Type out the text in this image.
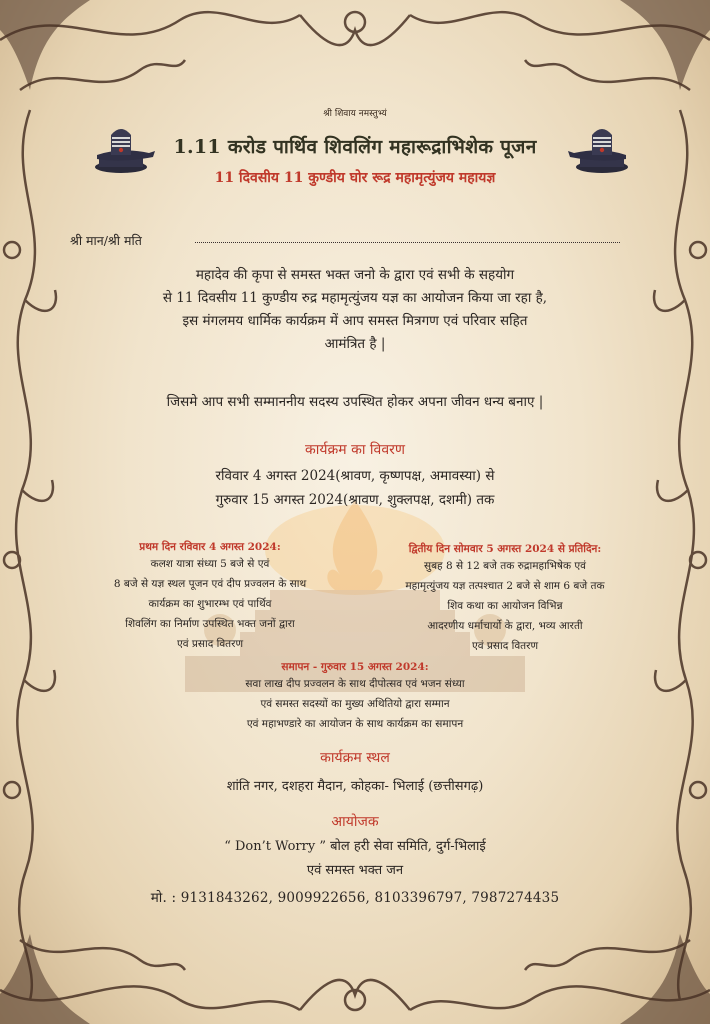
श्री शिवाय नमस्तुभ्यं
1.11 करोड पार्थिव शिवलिंग महारूद्राभिशेक पूजन
11 दिवसीय 11 कुण्डीय घोर रूद्र महामृत्युंजय महायज्ञ
श्री मान/श्री मति
महादेव की कृपा से समस्त भक्त जनो के द्वारा एवं सभी के सहयोग
से 11 दिवसीय 11 कुण्डीय रुद्र महामृत्युंजय यज्ञ का आयोजन किया जा रहा है,
इस मंगलमय धार्मिक कार्यक्रम में आप समस्त मित्रगण एवं परिवार सहित
आमंत्रित है |
जिसमे आप सभी सम्माननीय सदस्य उपस्थित होकर अपना जीवन धन्य बनाए |
कार्यक्रम का विवरण
रविवार 4 अगस्त 2024(श्रावण, कृष्णपक्ष, अमावस्या) से
गुरुवार 15 अगस्त 2024(श्रावण, शुक्लपक्ष, दशमी) तक
प्रथम दिन रविवार 4 अगस्त 2024:
कलश यात्रा संध्या 5 बजे से एवं
8 बजे से यज्ञ स्थल पूजन एवं दीप प्रज्वलन के साथ
कार्यक्रम का शुभारम्भ एवं पार्थिव
शिवलिंग का निर्माण उपस्थित भक्त जनों द्वारा
एवं प्रसाद वितरण
द्वितीय दिन सोमवार 5 अगस्त 2024 से प्रतिदिन:
सुबह 8 से 12 बजे तक रुद्रामहाभिषेक एवं
महामृत्युंजय यज्ञ तत्पश्चात 2 बजे से शाम 6 बजे तक
शिव कथा का आयोजन विभिन्न
आदरणीय धर्माचार्यो के द्वारा, भव्य आरती
एवं प्रसाद वितरण
समापन - गुरुवार 15 अगस्त 2024:
सवा लाख दीप प्रज्वलन के साथ दीपोत्सव एवं भजन संध्या
एवं समस्त सदस्यों का मुख्य अथितियो द्वारा सम्मान
एवं महाभण्डारे का आयोजन के साथ कार्यक्रम का समापन
कार्यक्रम स्थल
शांति नगर, दशहरा मैदान, कोहका- भिलाई (छत्तीसगढ़)
आयोजक
“ Don’t Worry ” बोल हरी सेवा समिति, दुर्ग-भिलाई
एवं समस्त भक्त जन
मो. : 9131843262, 9009922656, 8103396797, 7987274435
